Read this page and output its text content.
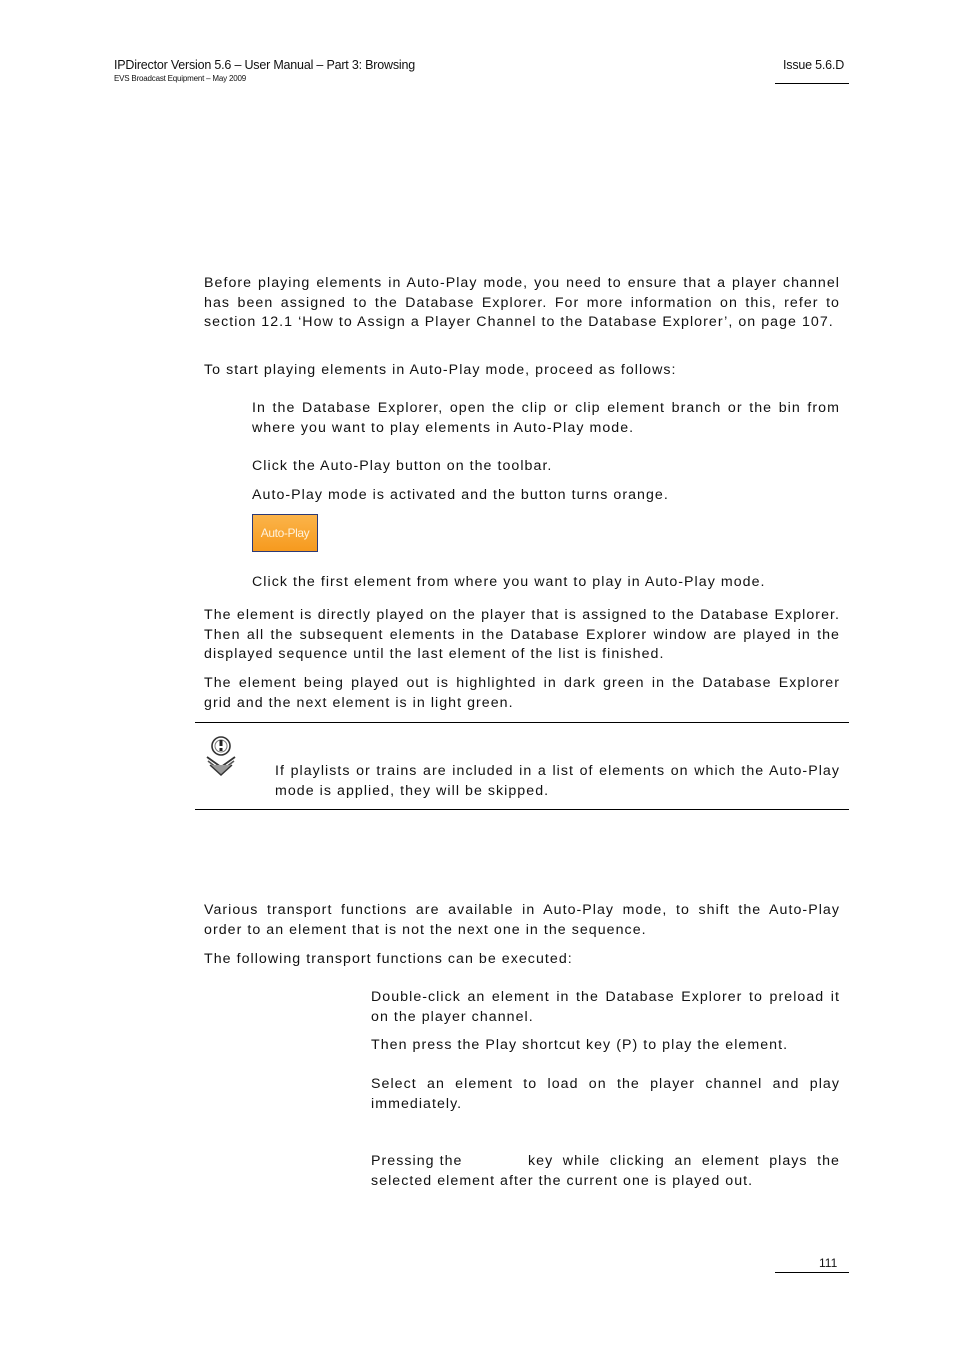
IPDirector Version 5.6 – User Manual – Part 3: Browsing
EVS Broadcast Equipment – May 2009
Issue 5.6.D

Before playing elements in Auto-Play mode, you need to ensure that a player channel has been assigned to the Database Explorer. For more information on this, refer to section 12.1 ‘How to Assign a Player Channel to the Database Explorer’, on page 107.

To start playing elements in Auto-Play mode, proceed as follows:

In the Database Explorer, open the clip or clip element branch or the bin from where you want to play elements in Auto-Play mode.

Click the Auto-Play button on the toolbar.

Auto-Play mode is activated and the button turns orange.

Auto-Play

Click the first element from where you want to play in Auto-Play mode.

The element is directly played on the player that is assigned to the Database Explorer. Then all the subsequent elements in the Database Explorer window are played in the displayed sequence until the last element of the list is finished.

The element being played out is highlighted in dark green in the Database Explorer grid and the next element is in light green.

If playlists or trains are included in a list of elements on which the Auto-Play mode is applied, they will be skipped.

Various transport functions are available in Auto-Play mode, to shift the Auto-Play order to an element that is not the next one in the sequence.

The following transport functions can be executed:

Double-click an element in the Database Explorer to preload it on the player channel.

Then press the Play shortcut key (P) to play the element.

Select an element to load on the player channel and play immediately.

Pressing the	key while clicking an element plays the selected element after the current one is played out.

111
